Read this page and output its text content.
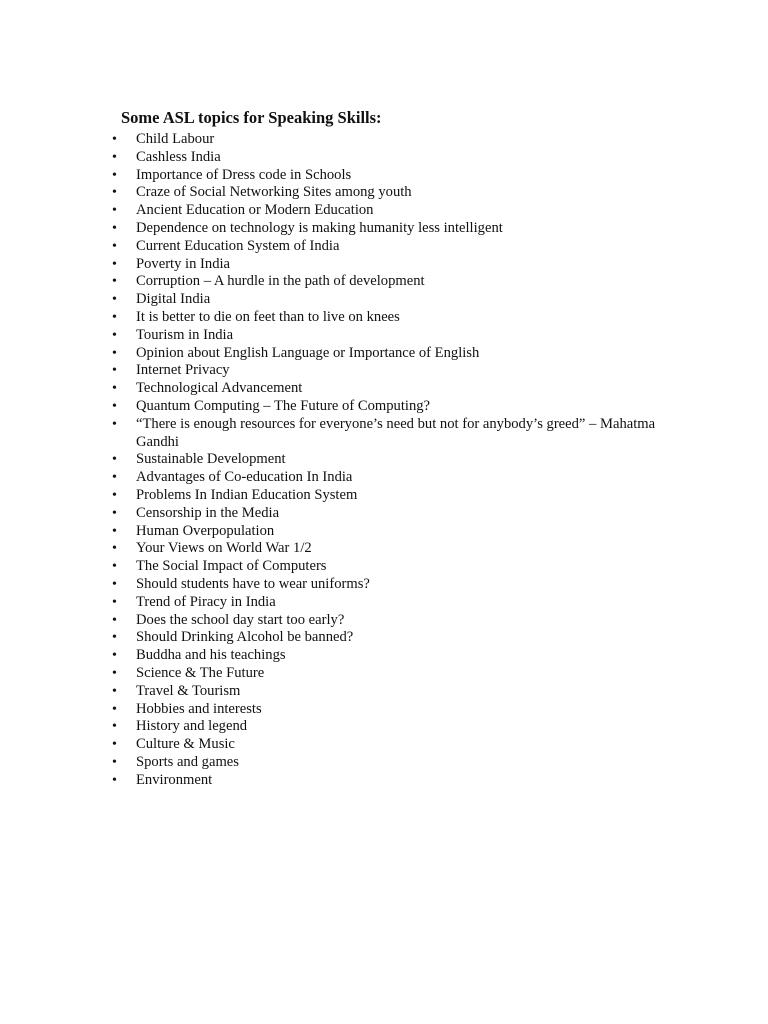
Some ASL topics for Speaking Skills:
•	Child Labour
•	Cashless India
•	Importance of Dress code in Schools
•	Craze of Social Networking Sites among youth
•	Ancient Education or Modern Education
•	Dependence on technology is making humanity less intelligent
•	Current Education System of India
•	Poverty in India
•	Corruption – A hurdle in the path of development
•	Digital India
•	It is better to die on feet than to live on knees
•	Tourism in India
•	Opinion about English Language or Importance of English
•	Internet Privacy
•	Technological Advancement
•	Quantum Computing – The Future of Computing?
•	“There is enough resources for everyone’s need but not for anybody’s greed” – Mahatma Gandhi
•	Sustainable Development
•	Advantages of Co-education In India
•	Problems In Indian Education System
•	Censorship in the Media
•	Human Overpopulation
•	Your Views on World War 1/2
•	The Social Impact of Computers
•	Should students have to wear uniforms?
•	Trend of Piracy in India
•	Does the school day start too early?
•	Should Drinking Alcohol be banned?
•	Buddha and his teachings
•	Science & The Future
•	Travel & Tourism
•	Hobbies and interests
•	History and legend
•	Culture & Music
•	Sports and games
•	Environment
